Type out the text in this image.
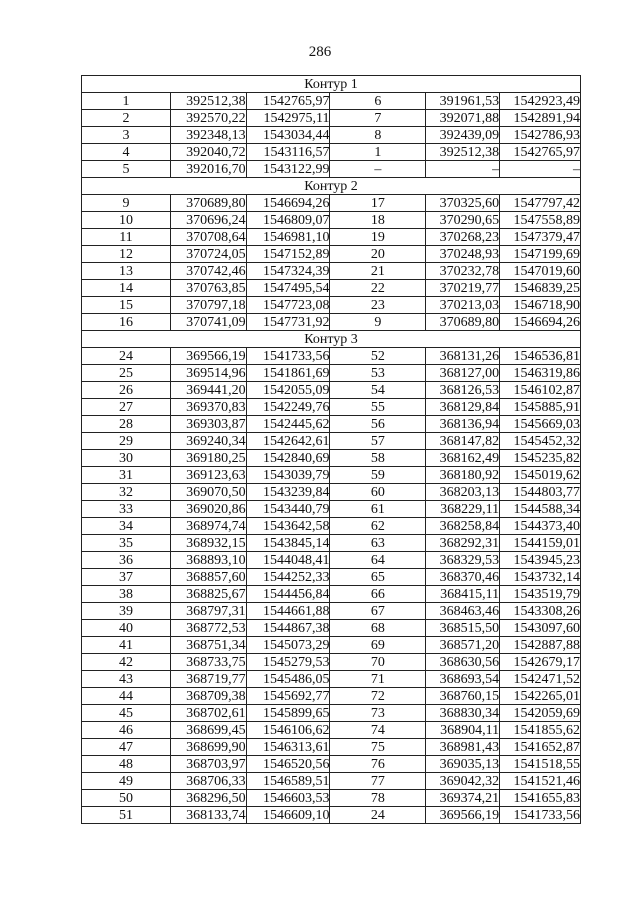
286
Контур 1					
1	392512,38	1542765,97	6	391961,53	1542923,49
2	392570,22	1542975,11	7	392071,88	1542891,94
3	392348,13	1543034,44	8	392439,09	1542786,93
4	392040,72	1543116,57	1	392512,38	1542765,97
5	392016,70	1543122,99	–	–	–
Контур 2					
9	370689,80	1546694,26	17	370325,60	1547797,42
10	370696,24	1546809,07	18	370290,65	1547558,89
11	370708,64	1546981,10	19	370268,23	1547379,47
12	370724,05	1547152,89	20	370248,93	1547199,69
13	370742,46	1547324,39	21	370232,78	1547019,60
14	370763,85	1547495,54	22	370219,77	1546839,25
15	370797,18	1547723,08	23	370213,03	1546718,90
16	370741,09	1547731,92	9	370689,80	1546694,26
Контур 3					
24	369566,19	1541733,56	52	368131,26	1546536,81
25	369514,96	1541861,69	53	368127,00	1546319,86
26	369441,20	1542055,09	54	368126,53	1546102,87
27	369370,83	1542249,76	55	368129,84	1545885,91
28	369303,87	1542445,62	56	368136,94	1545669,03
29	369240,34	1542642,61	57	368147,82	1545452,32
30	369180,25	1542840,69	58	368162,49	1545235,82
31	369123,63	1543039,79	59	368180,92	1545019,62
32	369070,50	1543239,84	60	368203,13	1544803,77
33	369020,86	1543440,79	61	368229,11	1544588,34
34	368974,74	1543642,58	62	368258,84	1544373,40
35	368932,15	1543845,14	63	368292,31	1544159,01
36	368893,10	1544048,41	64	368329,53	1543945,23
37	368857,60	1544252,33	65	368370,46	1543732,14
38	368825,67	1544456,84	66	368415,11	1543519,79
39	368797,31	1544661,88	67	368463,46	1543308,26
40	368772,53	1544867,38	68	368515,50	1543097,60
41	368751,34	1545073,29	69	368571,20	1542887,88
42	368733,75	1545279,53	70	368630,56	1542679,17
43	368719,77	1545486,05	71	368693,54	1542471,52
44	368709,38	1545692,77	72	368760,15	1542265,01
45	368702,61	1545899,65	73	368830,34	1542059,69
46	368699,45	1546106,62	74	368904,11	1541855,62
47	368699,90	1546313,61	75	368981,43	1541652,87
48	368703,97	1546520,56	76	369035,13	1541518,55
49	368706,33	1546589,51	77	369042,32	1541521,46
50	368296,50	1546603,53	78	369374,21	1541655,83
51	368133,74	1546609,10	24	369566,19	1541733,56
